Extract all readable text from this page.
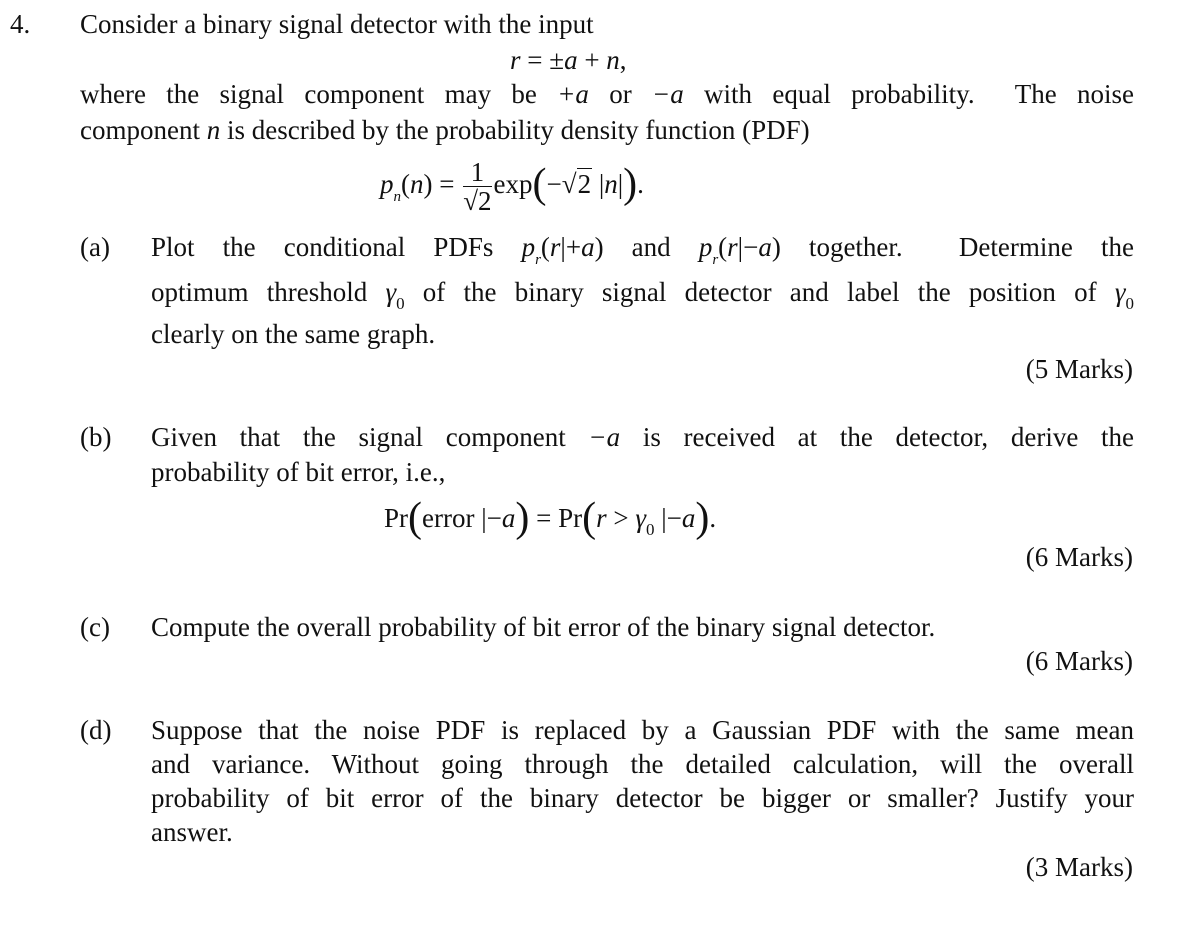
4. Consider a binary signal detector with the input
r = ±a + n,
where the signal component may be +a or −a with equal probability.  The noise
component n is described by the probability density function (PDF)
$p_n(n) = \frac{1}{√2} \exp(-√2$ |n|).
(a) Plot the conditional PDFs $p_r(r|+a)$ and $p_r(r|-a)$ together.  Determine the
optimum threshold $\gamma_0$ of the binary signal detector and label the position of $\gamma_0$
clearly on the same graph.
(5 Marks)
(b) Given that the signal component −a is received at the detector, derive the
probability of bit error, i.e.,
Pr(error $|-a) = Pr(r > \gamma_0$ |−a).
(6 Marks)
(c) Compute the overall probability of bit error of the binary signal detector.
(6 Marks)
(d) Suppose that the noise PDF is replaced by a Gaussian PDF with the same mean
and variance. Without going through the detailed calculation, will the overall
probability of bit error of the binary detector be bigger or smaller? Justify your
answer.
(3 Marks)
